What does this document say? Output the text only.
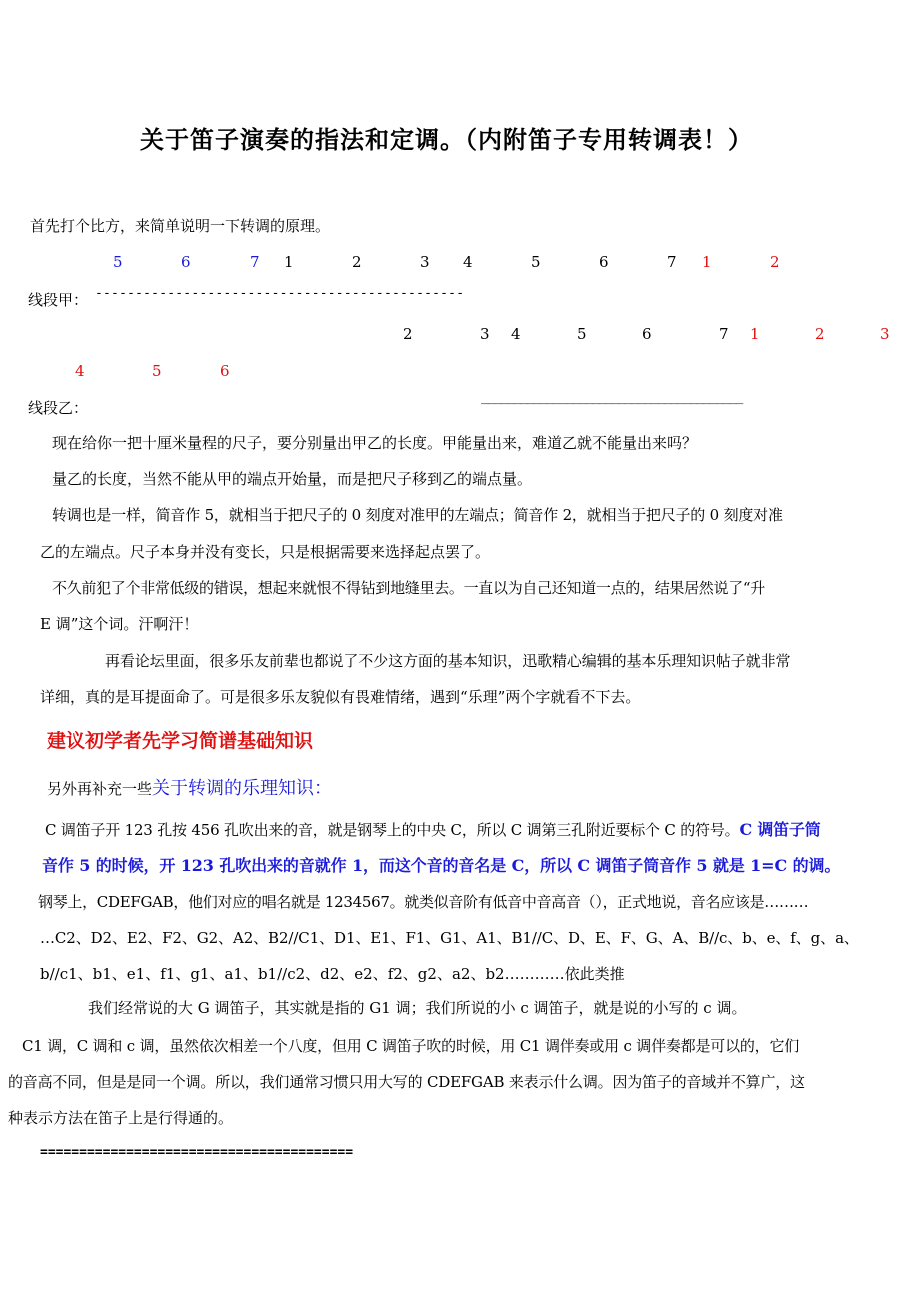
关于笛子演奏的指法和定调。（内附笛子专用转调表！）
首先打个比方，来简单说明一下转调的原理。
5	6	7 1	2	3 4	5	6	7 1	2
线段甲： ----------------------------------------------
2	3 4	5	6	7 1	2	3
4	5	6
线段乙：
________________________________________
现在给你一把十厘米量程的尺子，要分别量出甲乙的长度。甲能量出来，难道乙就不能量出来吗？
量乙的长度，当然不能从甲的端点开始量，而是把尺子移到乙的端点量。
转调也是一样，简音作 5，就相当于把尺子的 0 刻度对准甲的左端点；简音作 2，就相当于把尺子的 0 刻度对准
乙的左端点。尺子本身并没有变长，只是根据需要来选择起点罢了。
不久前犯了个非常低级的错误，想起来就恨不得钻到地缝里去。一直以为自己还知道一点的，结果居然说了“升
E 调”这个词。汗啊汗！
再看论坛里面，很多乐友前辈也都说了不少这方面的基本知识，迅歌精心编辑的基本乐理知识帖子就非常
详细，真的是耳提面命了。可是很多乐友貌似有畏难情绪，遇到“乐理”两个字就看不下去。
建议初学者先学习简谱基础知识
另外再补充一些关于转调的乐理知识：
C 调笛子开 123 孔按 456 孔吹出来的音，就是钢琴上的中央 C，所以 C 调第三孔附近要标个 C 的符号。C 调笛子筒
音作 5 的时候，开 123 孔吹出来的音就作 1，而这个音的音名是 C，所以 C 调笛子筒音作 5 就是 1=C 的调。
钢琴上，CDEFGAB，他们对应的唱名就是 1234567。就类似音阶有低音中音高音（），正式地说，音名应该是………
…C2、D2、E2、F2、G2、A2、B2//C1、D1、E1、F1、G1、A1、B1//C、D、E、F、G、A、B//c、b、e、f、g、a、
b//c1、b1、e1、f1、g1、a1、b1//c2、d2、e2、f2、g2、a2、b2…………依此类推
我们经常说的大 G 调笛子，其实就是指的 G1 调；我们所说的小 c 调笛子，就是说的小写的 c 调。
C1 调，C 调和 c 调，虽然依次相差一个八度，但用 C 调笛子吹的时候，用 C1 调伴奏或用 c 调伴奏都是可以的，它们
的音高不同，但是是同一个调。所以，我们通常习惯只用大写的 CDEFGAB 来表示什么调。因为笛子的音域并不算广，这
种表示方法在笛子上是行得通的。
========================================
